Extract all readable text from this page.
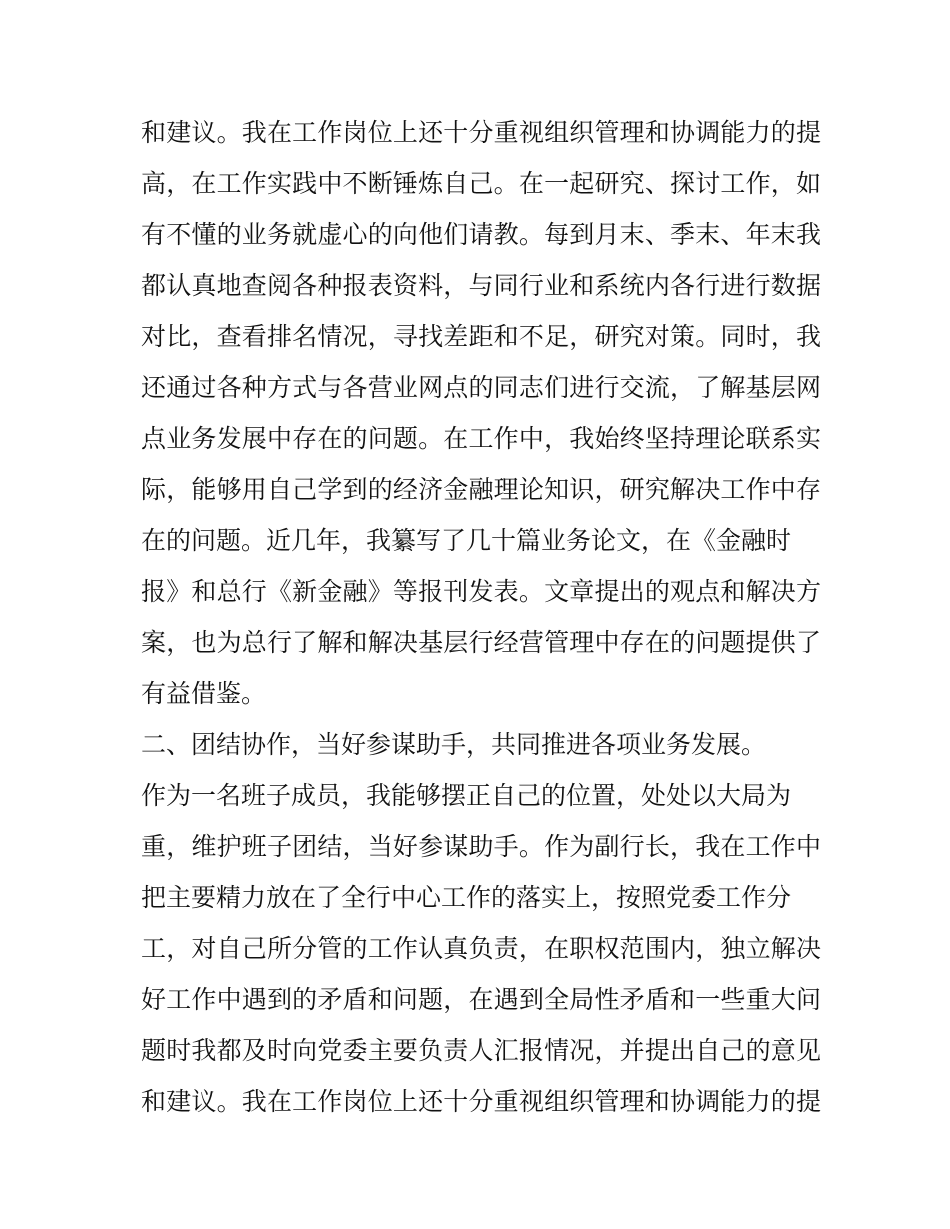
和建议。我在工作岗位上还十分重视组织管理和协调能力的提
高，在工作实践中不断锤炼自己。在一起研究、探讨工作，如
有不懂的业务就虚心的向他们请教。每到月末、季末、年末我
都认真地查阅各种报表资料，与同行业和系统内各行进行数据
对比，查看排名情况，寻找差距和不足，研究对策。同时，我
还通过各种方式与各营业网点的同志们进行交流，了解基层网
点业务发展中存在的问题。在工作中，我始终坚持理论联系实
际，能够用自己学到的经济金融理论知识，研究解决工作中存
在的问题。近几年，我纂写了几十篇业务论文，在《金融时
报》和总行《新金融》等报刊发表。文章提出的观点和解决方
案，也为总行了解和解决基层行经营管理中存在的问题提供了
有益借鉴。
二、团结协作，当好参谋助手，共同推进各项业务发展。
作为一名班子成员，我能够摆正自己的位置，处处以大局为
重，维护班子团结，当好参谋助手。作为副行长，我在工作中
把主要精力放在了全行中心工作的落实上，按照党委工作分
工，对自己所分管的工作认真负责，在职权范围内，独立解决
好工作中遇到的矛盾和问题，在遇到全局性矛盾和一些重大问
题时我都及时向党委主要负责人汇报情况，并提出自己的意见
和建议。我在工作岗位上还十分重视组织管理和协调能力的提
